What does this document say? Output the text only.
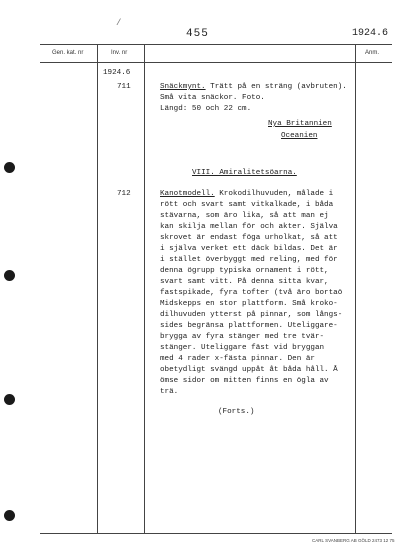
/
455	1924.6
Gen. kat. nr	Inv. nr	Anm.
1924.6
711	Snäckmynt. Trätt på en sträng (avbruten).
Små vita snäckor. Foto.
Längd: 50 och 22 cm.
Nya Britannien
Oceanien
VIII. Amiralitetsöarna.
712	Kanotmodell. Krokodilhuvuden, målade i
rött och svart samt vitkalkade, i båda
stävarna, som äro lika, så att man ej
kan skilja mellan för och akter. Själva
skrovet är endast föga urholkat, så att
i själva verket ett däck bildas. Det är
i stället överbyggt med reling, med för
denna ögrupp typiska ornament i rött,
svart samt vitt. På denna sitta kvar,
fastspikade, fyra tofter (två äro bortaö
Midskepps en stor plattform. Små kroko-
dilhuvuden ytterst på pinnar, som långs-
sides begränsa plattformen. Uteliggare-
brygga av fyra stänger med tre tvär-
stänger. Uteliggare fäst vid bryggan
med 4 rader x-fästa pinnar. Den är
obetydligt svängd uppåt åt båda håll. Å
ömse sidor om mitten finns en ögla av
trä.
(Forts.)
CARL SVANBERG AB GÖLD 2473 12 75
